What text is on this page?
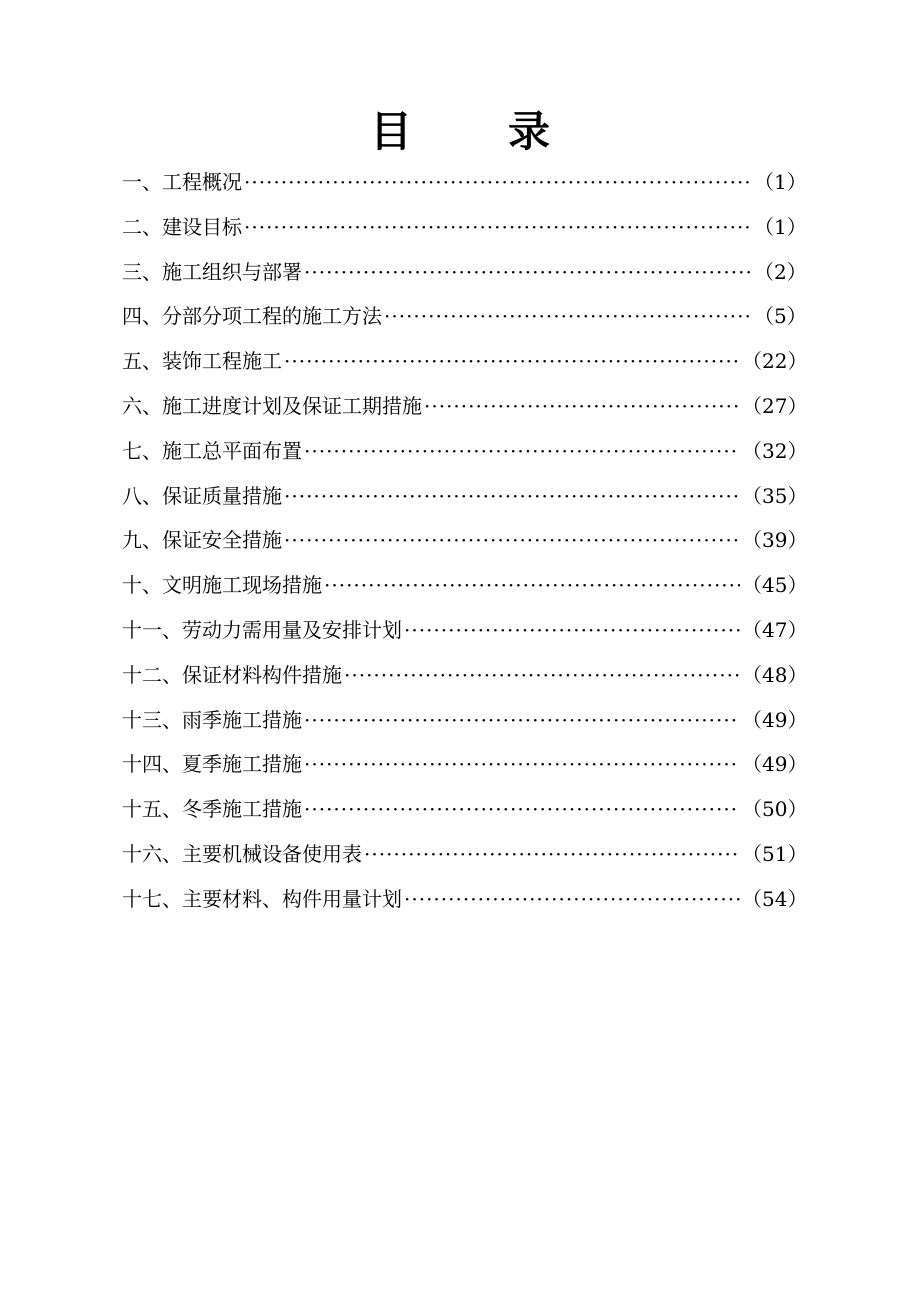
目 录
一、工程概况 ·····	（1）
二、建设目标 ·····	（1）
三、施工组织与部署 ·····	（2）
四、分部分项工程的施工方法 ·····	（5）
五、装饰工程施工 ·····	（22）
六、施工进度计划及保证工期措施 ·····	（27）
七、施工总平面布置 ·····	（32）
八、保证质量措施 ·····	（35）
九、保证安全措施 ·····	（39）
十、文明施工现场措施 ·····	（45）
十一、劳动力需用量及安排计划 ·····	（47）
十二、保证材料构件措施 ·····	（48）
十三、雨季施工措施 ·····	（49）
十四、夏季施工措施 ·····	（49）
十五、冬季施工措施 ·····	（50）
十六、主要机械设备使用表 ·····	（51）
十七、主要材料、构件用量计划 ·····	（54）
